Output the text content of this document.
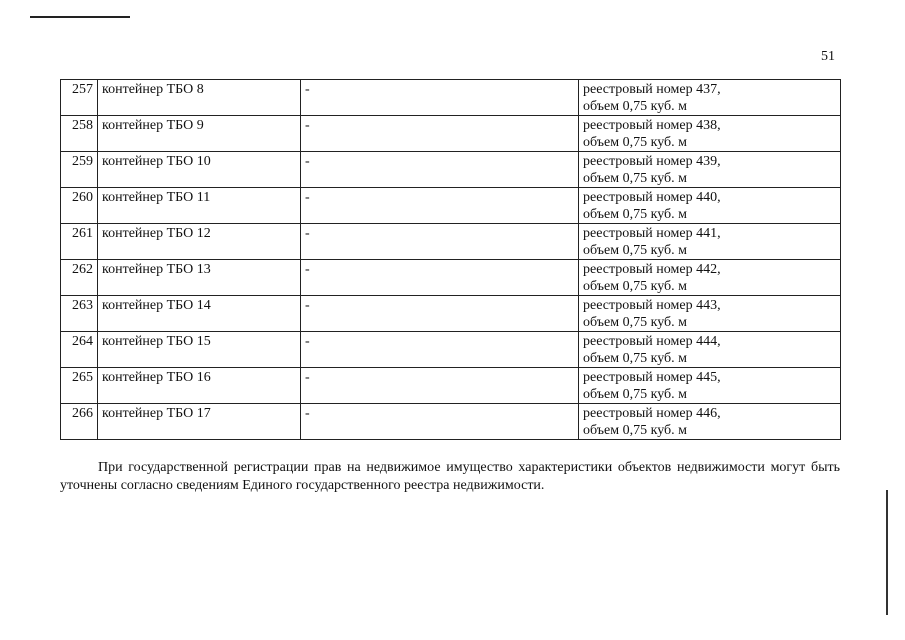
51
257	контейнер ТБО 8	-	реестровый номер 437,
объем 0,75 куб. м

258	контейнер ТБО 9	-	реестровый номер 438,
объем 0,75 куб. м

259	контейнер ТБО 10	-	реестровый номер 439,
объем 0,75 куб. м

260	контейнер ТБО 11	-	реестровый номер 440,
объем 0,75 куб. м

261	контейнер ТБО 12	-	реестровый номер 441,
объем 0,75 куб. м

262	контейнер ТБО 13	-	реестровый номер 442,
объем 0,75 куб. м

263	контейнер ТБО 14	-	реестровый номер 443,
объем 0,75 куб. м

264	контейнер ТБО 15	-	реестровый номер 444,
объем 0,75 куб. м

265	контейнер ТБО 16	-	реестровый номер 445,
объем 0,75 куб. м

266	контейнер ТБО 17	-	реестровый номер 446,
объем 0,75 куб. м

При государственной регистрации прав на недвижимое имущество характеристики объектов недвижимости могут быть уточнены согласно сведениям Единого государственного реестра недвижимости.
